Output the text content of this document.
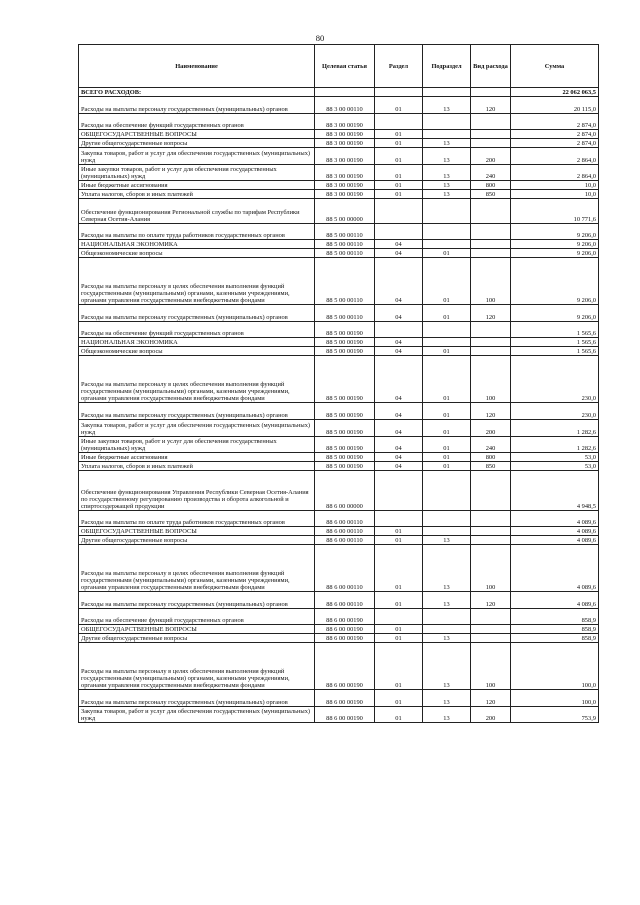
80
Наименование	Целевая статья	Раздел	Подраздел	Вид расхода	Сумма
ВСЕГО РАСХОДОВ:					22 062 063,5
Расходы на выплаты персоналу государственных (муниципальных) органов	88 3 00 00110	01	13	120	20 115,0
Расходы на обеспечение функций государственных органов	88 3 00 00190				2 874,0
ОБЩЕГОСУДАРСТВЕННЫЕ ВОПРОСЫ	88 3 00 00190	01			2 874,0
Другие общегосударственные вопросы	88 3 00 00190	01	13		2 874,0
Закупка товаров, работ и услуг для обеспечения государственных (муниципальных) нужд	88 3 00 00190	01	13	200	2 864,0
Иные закупки товаров, работ и услуг для обеспечения государственных (муниципальных) нужд	88 3 00 00190	01	13	240	2 864,0
Иные бюджетные ассигнования	88 3 00 00190	01	13	800	10,0
Уплата налогов, сборов и иных платежей	88 3 00 00190	01	13	850	10,0
Обеспечение функционирования Региональной службы по тарифам Республики Северная Осетия-Алания	88 5 00 00000				10 771,6
Расходы на выплаты по оплате труда работников государственных органов	88 5 00 00110				9 206,0
НАЦИОНАЛЬНАЯ ЭКОНОМИКА	88 5 00 00110	04			9 206,0
Общеэкономические вопросы	88 5 00 00110	04	01		9 206,0
Расходы на выплаты персоналу в целях обеспечения выполнения функций государственными (муниципальными) органами, казенными учреждениями, органами управления государственными внебюджетными фондами	88 5 00 00110	04	01	100	9 206,0
Расходы на выплаты персоналу государственных (муниципальных) органов	88 5 00 00110	04	01	120	9 206,0
Расходы на обеспечение функций государственных органов	88 5 00 00190				1 565,6
НАЦИОНАЛЬНАЯ ЭКОНОМИКА	88 5 00 00190	04			1 565,6
Общеэкономические вопросы	88 5 00 00190	04	01		1 565,6
Расходы на выплаты персоналу в целях обеспечения выполнения функций государственными (муниципальными) органами, казенными учреждениями, органами управления государственными внебюджетными фондами	88 5 00 00190	04	01	100	230,0
Расходы на выплаты персоналу государственных (муниципальных) органов	88 5 00 00190	04	01	120	230,0
Закупка товаров, работ и услуг для обеспечения государственных (муниципальных) нужд	88 5 00 00190	04	01	200	1 282,6
Иные закупки товаров, работ и услуг для обеспечения государственных (муниципальных) нужд	88 5 00 00190	04	01	240	1 282,6
Иные бюджетные ассигнования	88 5 00 00190	04	01	800	53,0
Уплата налогов, сборов и иных платежей	88 5 00 00190	04	01	850	53,0
Обеспечение функционирования Управления Республики Северная Осетия-Алания по государственному регулированию производства и оборота алкогольной и спиртосодержащей продукции	88 6 00 00000				4 948,5
Расходы на выплаты по оплате труда работников государственных органов	88 6 00 00110				4 089,6
ОБЩЕГОСУДАРСТВЕННЫЕ ВОПРОСЫ	88 6 00 00110	01			4 089,6
Другие общегосударственные вопросы	88 6 00 00110	01	13		4 089,6
Расходы на выплаты персоналу в целях обеспечения выполнения функций государственными (муниципальными) органами, казенными учреждениями, органами управления государственными внебюджетными фондами	88 6 00 00110	01	13	100	4 089,6
Расходы на выплаты персоналу государственных (муниципальных) органов	88 6 00 00110	01	13	120	4 089,6
Расходы на обеспечение функций государственных органов	88 6 00 00190				858,9
ОБЩЕГОСУДАРСТВЕННЫЕ ВОПРОСЫ	88 6 00 00190	01			858,9
Другие общегосударственные вопросы	88 6 00 00190	01	13		858,9
Расходы на выплаты персоналу в целях обеспечения выполнения функций государственными (муниципальными) органами, казенными учреждениями, органами управления государственными внебюджетными фондами	88 6 00 00190	01	13	100	100,0
Расходы на выплаты персоналу государственных (муниципальных) органов	88 6 00 00190	01	13	120	100,0
Закупка товаров, работ и услуг для обеспечения государственных (муниципальных) нужд	88 6 00 00190	01	13	200	753,9
